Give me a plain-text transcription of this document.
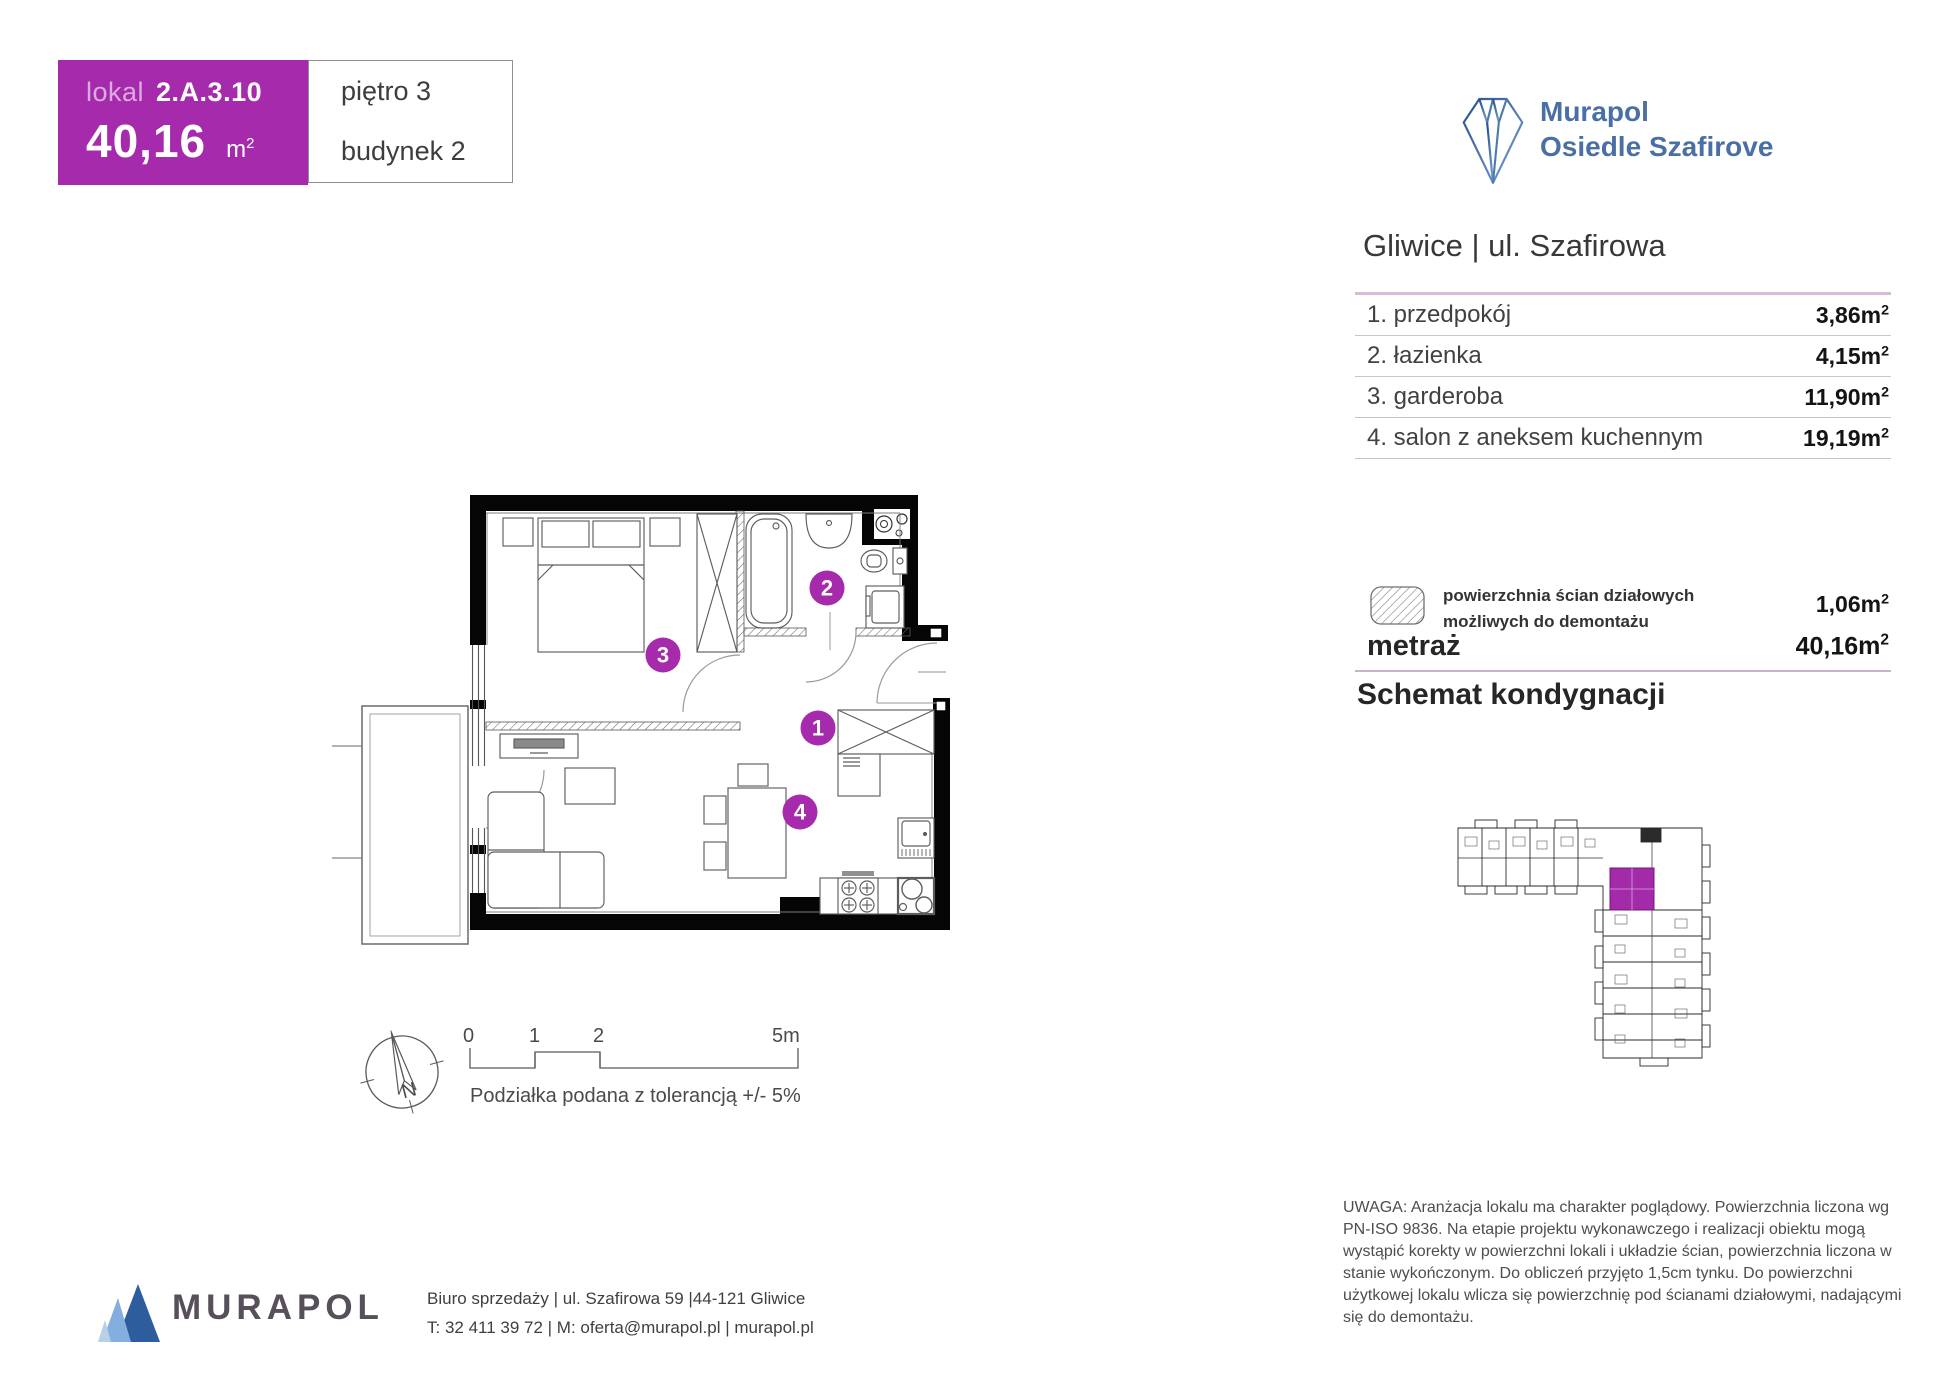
lokal 2.A.3.10
40,16 $m^2$
piętro 3
budynek 2
Murapol
Osiedle Szafirove
Gliwice | ul. Szafirowa
1. przedpokój	$3,86m^2$
2. łazienka	$4,15m^2$
3. garderoba	$11,90m^2$
4. salon z aneksem kuchennym	$19,19m^2$
powierzchnia ścian działowych możliwych do demontażu
$1,06m^2$
metraż	$40,16m^2$
Schemat kondygnacji
1
2
3
4
N
0	1	2	5m
Podziałka podana z tolerancją +/- 5%
UWAGA: Aranżacja lokalu ma charakter poglądowy. Powierzchnia liczona wg PN-ISO 9836. Na etapie projektu wykonawczego i realizacji obiektu mogą wystąpić korekty w powierzchni lokali i układzie ścian, powierzchnia liczona w stanie wykończonym. Do obliczeń przyjęto 1,5cm tynku. Do powierzchni użytkowej lokalu wlicza się powierzchnię pod ścianami działowymi, nadającymi się do demontażu.
MURAPOL	Biuro sprzedaży | ul. Szafirowa 59 |44-121 Gliwice
T: 32 411 39 72 | M: oferta@murapol.pl | murapol.pl
